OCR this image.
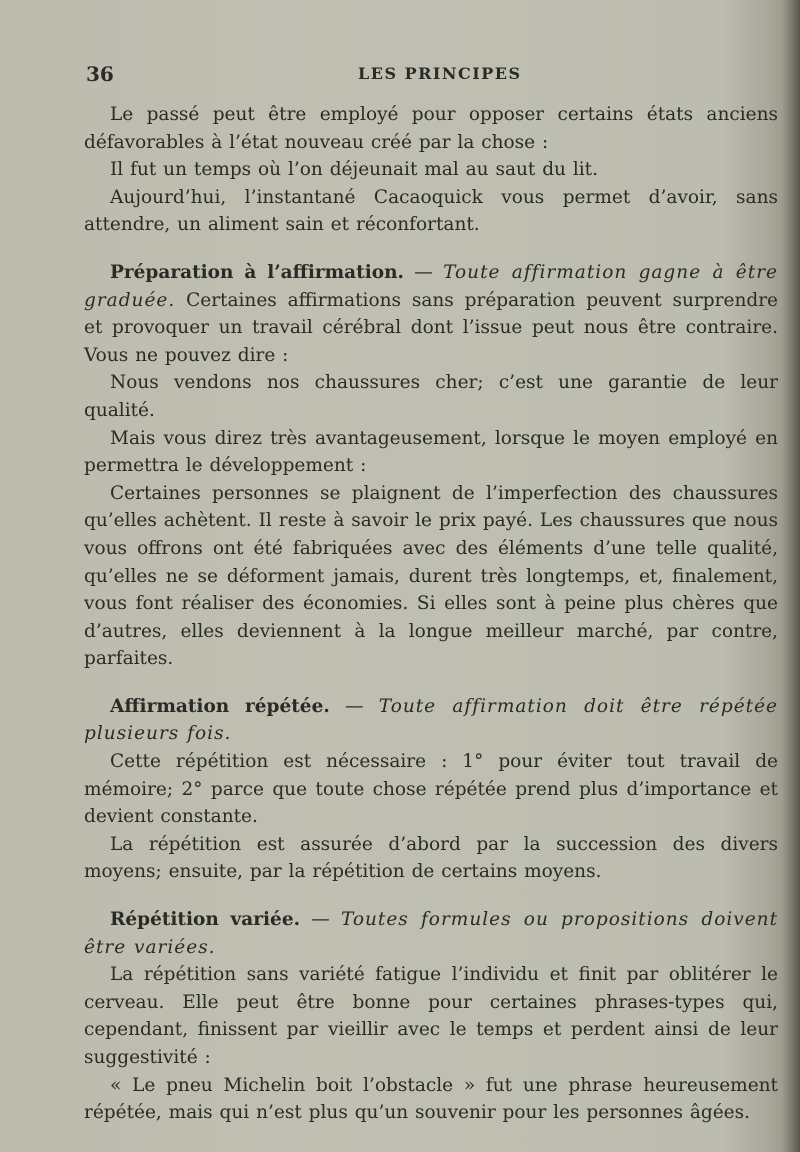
36	LES PRINCIPES

Le passé peut être employé pour opposer certains états anciens défavorables à l’état nouveau créé par la chose :

Il fut un temps où l’on déjeunait mal au saut du lit.

Aujourd’hui, l’instantané Cacaoquick vous permet d’avoir, sans attendre, un aliment sain et réconfortant.

Préparation à l’affirmation. — Toute affirmation gagne à être graduée. Certaines affirmations sans préparation peuvent surprendre et provoquer un travail cérébral dont l’issue peut nous être contraire. Vous ne pouvez dire :

Nous vendons nos chaussures cher; c’est une garantie de leur qualité.

Mais vous direz très avantageusement, lorsque le moyen employé en permettra le développement :

Certaines personnes se plaignent de l’imperfection des chaussures qu’elles achètent. Il reste à savoir le prix payé. Les chaussures que nous vous offrons ont été fabriquées avec des éléments d’une telle qualité, qu’elles ne se déforment jamais, durent très longtemps, et, finalement, vous font réaliser des économies. Si elles sont à peine plus chères que d’autres, elles deviennent à la longue meilleur marché, par contre, parfaites.

Affirmation répétée. — Toute affirmation doit être répétée plusieurs fois.

Cette répétition est nécessaire : 1° pour éviter tout travail de mémoire; 2° parce que toute chose répétée prend plus d’importance et devient constante.

La répétition est assurée d’abord par la succession des divers moyens; ensuite, par la répétition de certains moyens.

Répétition variée. — Toutes formules ou propositions doivent être variées.

La répétition sans variété fatigue l’individu et finit par oblitérer le cerveau. Elle peut être bonne pour certaines phrases-types qui, cependant, finissent par vieillir avec le temps et perdent ainsi de leur suggestivité :

« Le pneu Michelin boit l’obstacle » fut une phrase heureusement répétée, mais qui n’est plus qu’un souvenir pour les personnes âgées.
